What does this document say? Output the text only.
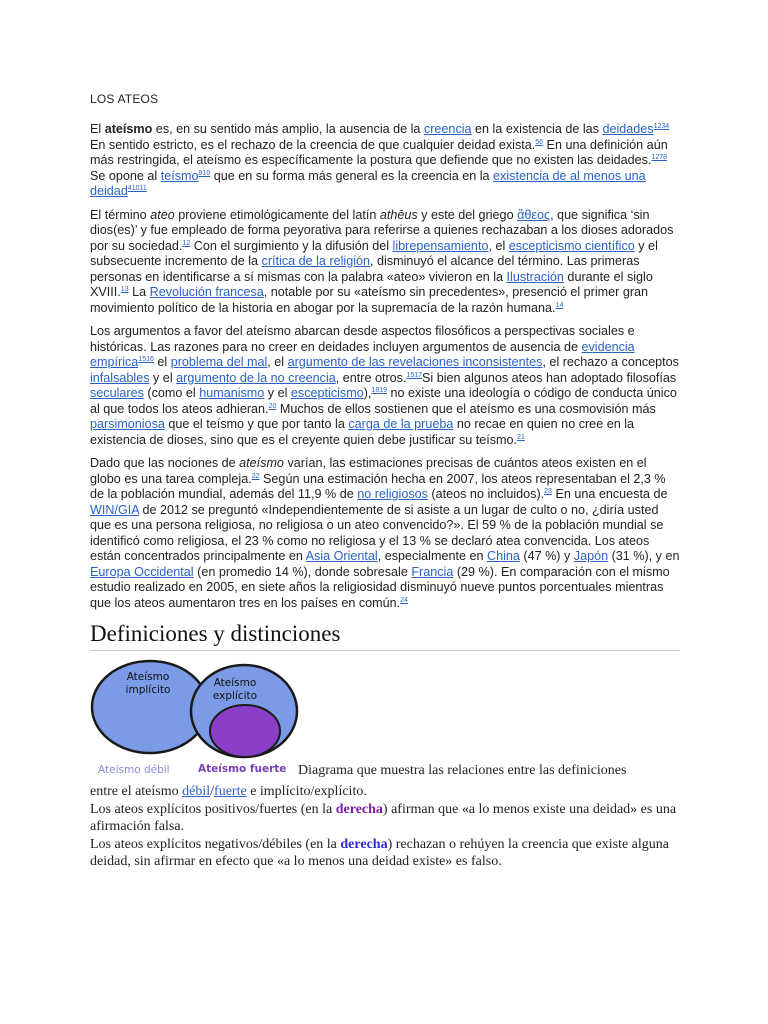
LOS ATEOS

El ateísmo es, en su sentido más amplio, la ausencia de la creencia en la existencia de las deidades$^{1234}$ En sentido estricto, es el rechazo de la creencia de que cualquier deidad exista.$^{56}$ En una definición aún más restringida, el ateísmo es específicamente la postura que defiende que no existen las deidades.$^{1278}$ Se opone al teísmo$^{910}$ que en su forma más general es la creencia en la existencia de al menos una deidad$^{41011}$

El término ateo proviene etimológicamente del latín athēus y este del griego ἄθεος, que significa ‘sin dios(es)’ y fue empleado de forma peyorativa para referirse a quienes rechazaban a los dioses adorados por su sociedad.$^{12}$ Con el surgimiento y la difusión del librepensamiento, el escepticismo científico y el subsecuente incremento de la crítica de la religión, disminuyó el alcance del término. Las primeras personas en identificarse a sí mismas con la palabra «ateo» vivieron en la Ilustración durante el siglo XVIII.$^{13}$ La Revolución francesa, notable por su «ateísmo sin precedentes», presenció el primer gran movimiento político de la historia en abogar por la supremacía de la razón humana.$^{14}$

Los argumentos a favor del ateísmo abarcan desde aspectos filosóficos a perspectivas sociales e históricas. Las razones para no creer en deidades incluyen argumentos de ausencia de evidencia empírica$^{1516}$ el problema del mal, el argumento de las revelaciones inconsistentes, el rechazo a conceptos infalsables y el argumento de la no creencia, entre otros.$^{1517}$Si bien algunos ateos han adoptado filosofías seculares (como el humanismo y el escepticismo),$^{1819}$ no existe una ideología o código de conducta único al que todos los ateos adhieran.$^{20}$ Muchos de ellos sostienen que el ateísmo es una cosmovisión más parsimoniosa que el teísmo y que por tanto la carga de la prueba no recae en quien no cree en la existencia de dioses, sino que es el creyente quien debe justificar su teísmo.$^{21}$

Dado que las nociones de ateísmo varían, las estimaciones precisas de cuántos ateos existen en el globo es una tarea compleja.$^{22}$ Según una estimación hecha en 2007, los ateos representaban el 2,3 % de la población mundial, además del 11,9 % de no religiosos (ateos no incluidos).$^{23}$ En una encuesta de WIN/GIA de 2012 se preguntó «Independientemente de si asiste a un lugar de culto o no, ¿diría usted que es una persona religiosa, no religiosa o un ateo convencido?». El 59 % de la población mundial se identificó como religiosa, el 23 % como no religiosa y el 13 % se declaró atea convencida. Los ateos están concentrados principalmente en Asia Oriental, especialmente en China (47 %) y Japón (31 %), y en Europa Occidental (en promedio 14 %), donde sobresale Francia (29 %). En comparación con el mismo estudio realizado en 2005, en siete años la religiosidad disminuyó nueve puntos porcentuales mientras que los ateos aumentaron tres en los países en común.$^{24}$

Definiciones y distinciones
Ateísmo
implícito
Ateísmo
explícito
Ateísmo débil	Ateísmo fuerte Diagrama que muestra las relaciones entre las definiciones

entre el ateísmo débil/fuerte e implícito/explícito.

Los ateos explícitos positivos/fuertes (en la derecha) afirman que «a lo menos existe una deidad» es una afirmación falsa.

Los ateos explícitos negativos/débiles (en la derecha) rechazan o rehúyen la creencia que existe alguna deidad, sin afirmar en efecto que «a lo menos una deidad existe» es falso.
